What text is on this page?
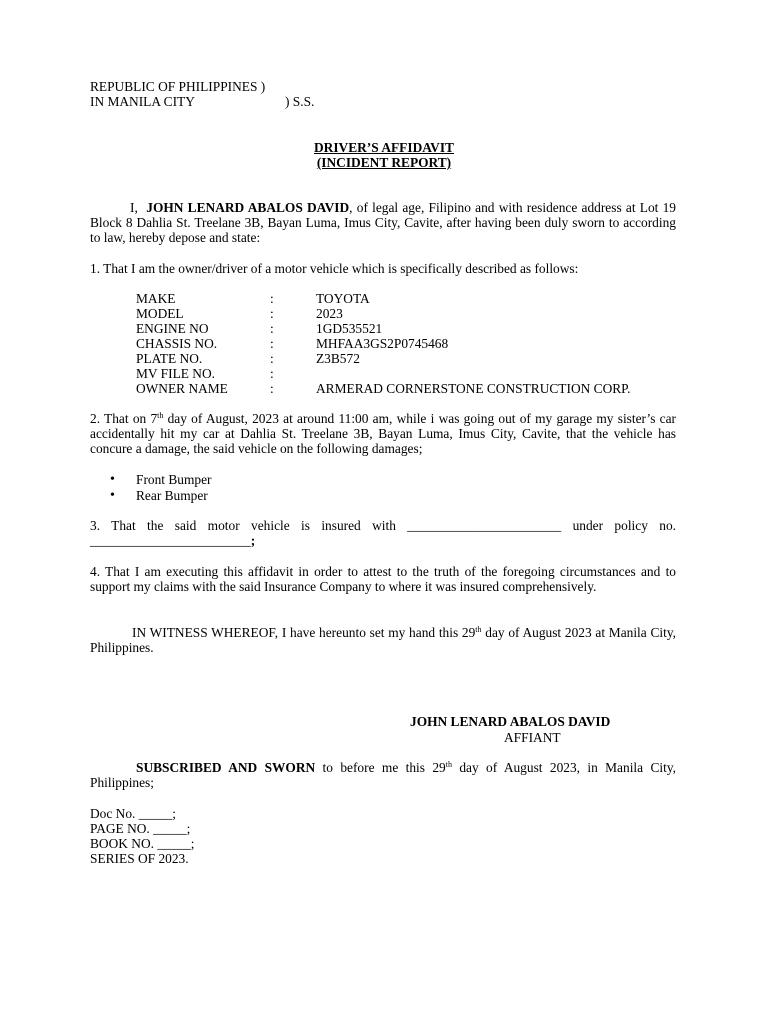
REPUBLIC OF PHILIPPINES )
IN MANILA CITY	) S.S.
DRIVER’S AFFIDAVIT
(INCIDENT REPORT)
I, JOHN LENARD ABALOS DAVID, of legal age, Filipino and with residence address at Lot 19 Block 8 Dahlia St. Treelane 3B, Bayan Luma, Imus City, Cavite, after having been duly sworn to according to law, hereby depose and state:
1. That I am the owner/driver of a motor vehicle which is specifically described as follows:
MAKE	:	TOYOTA
MODEL	:	2023
ENGINE NO	:	1GD535521
CHASSIS NO.	:	MHFAA3GS2P0745468
PLATE NO.	:	Z3B572
MV FILE NO.	:
OWNER NAME	:	ARMERAD CORNERSTONE CONSTRUCTION CORP.
2. That on 7th day of August, 2023 at around 11:00 am, while i was going out of my garage my sister’s car accidentally hit my car at Dahlia St. Treelane 3B, Bayan Luma, Imus City, Cavite, that the vehicle has concure a damage, the said vehicle on the following damages;
• Front Bumper
• Rear Bumper
3. That the said motor vehicle is insured with _______________________ under policy no. ________________________;
4. That I am executing this affidavit in order to attest to the truth of the foregoing circumstances and to support my claims with the said Insurance Company to where it was insured comprehensively.
IN WITNESS WHEREOF, I have hereunto set my hand this 29th day of August 2023 at Manila City, Philippines.
JOHN LENARD ABALOS DAVID
AFFIANT
SUBSCRIBED AND SWORN to before me this 29th day of August 2023, in Manila City, Philippines;
Doc No. _____;
PAGE NO. _____;
BOOK NO. _____;
SERIES OF 2023.
